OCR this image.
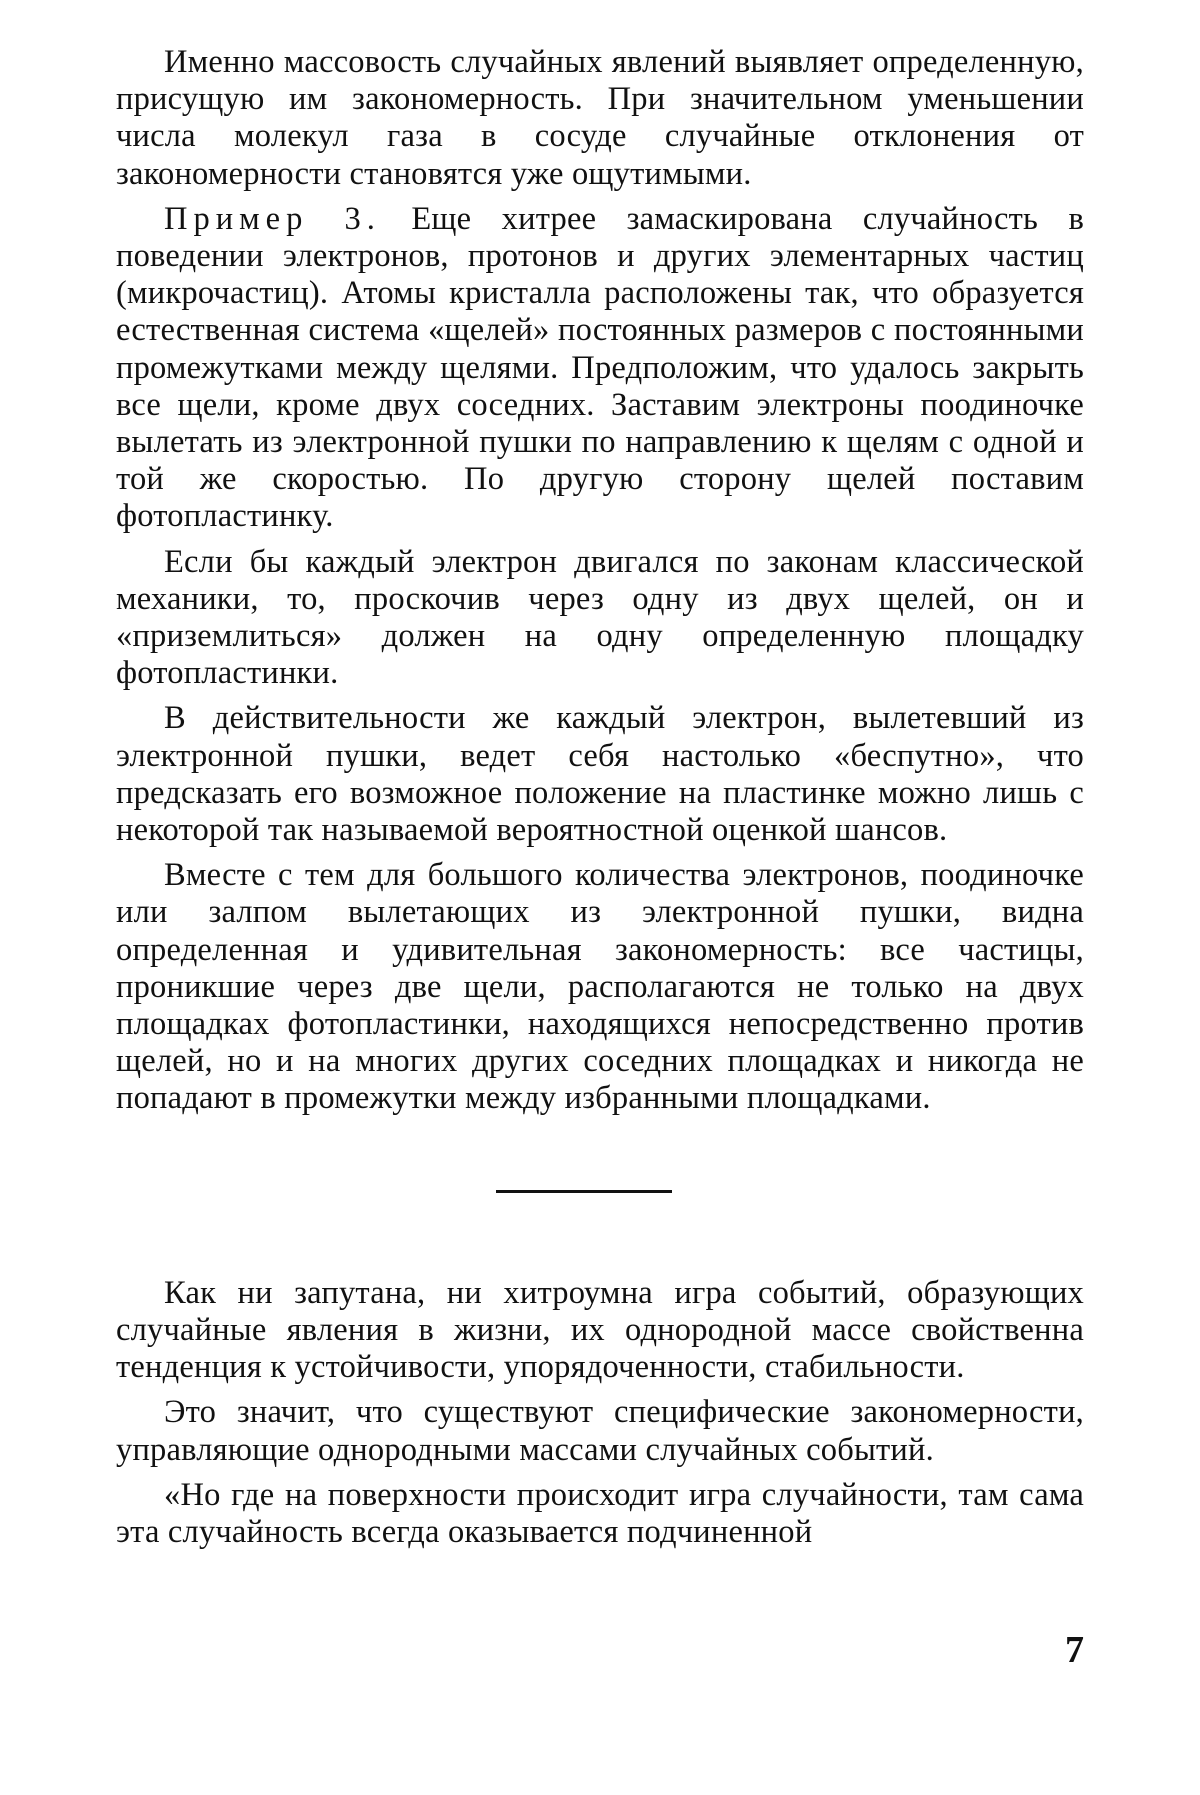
Именно массовость случайных явлений выявляет определенную, присущую им закономерность. При значительном уменьшении числа молекул газа в сосуде случайные отклонения от закономерности становятся уже ощутимыми.

Пример 3. Еще хитрее замаскирована случайность в поведении электронов, протонов и других элементарных частиц (микрочастиц). Атомы кристалла расположены так, что образуется естественная система «щелей» постоянных размеров с постоянными промежутками между щелями. Предположим, что удалось закрыть все щели, кроме двух соседних. Заставим электроны поодиночке вылетать из электронной пушки по направлению к щелям с одной и той же скоростью. По другую сторону щелей поставим фотопластинку.

Если бы каждый электрон двигался по законам классической механики, то, проскочив через одну из двух щелей, он и «приземлиться» должен на одну определенную площадку фотопластинки.

В действительности же каждый электрон, вылетевший из электронной пушки, ведет себя настолько «беспутно», что предсказать его возможное положение на пластинке можно лишь с некоторой так называемой вероятностной оценкой шансов.

Вместе с тем для большого количества электронов, поодиночке или залпом вылетающих из электронной пушки, видна определенная и удивительная закономерность: все частицы, проникшие через две щели, располагаются не только на двух площадках фотопластинки, находящихся непосредственно против щелей, но и на многих других соседних площадках и никогда не попадают в промежутки между избранными площадками.

Как ни запутана, ни хитроумна игра событий, образующих случайные явления в жизни, их однородной массе свойственна тенденция к устойчивости, упорядоченности, стабильности.

Это значит, что существуют специфические закономерности, управляющие однородными массами случайных событий.

«Но где на поверхности происходит игра случайности, там сама эта случайность всегда оказывается подчиненной

7
